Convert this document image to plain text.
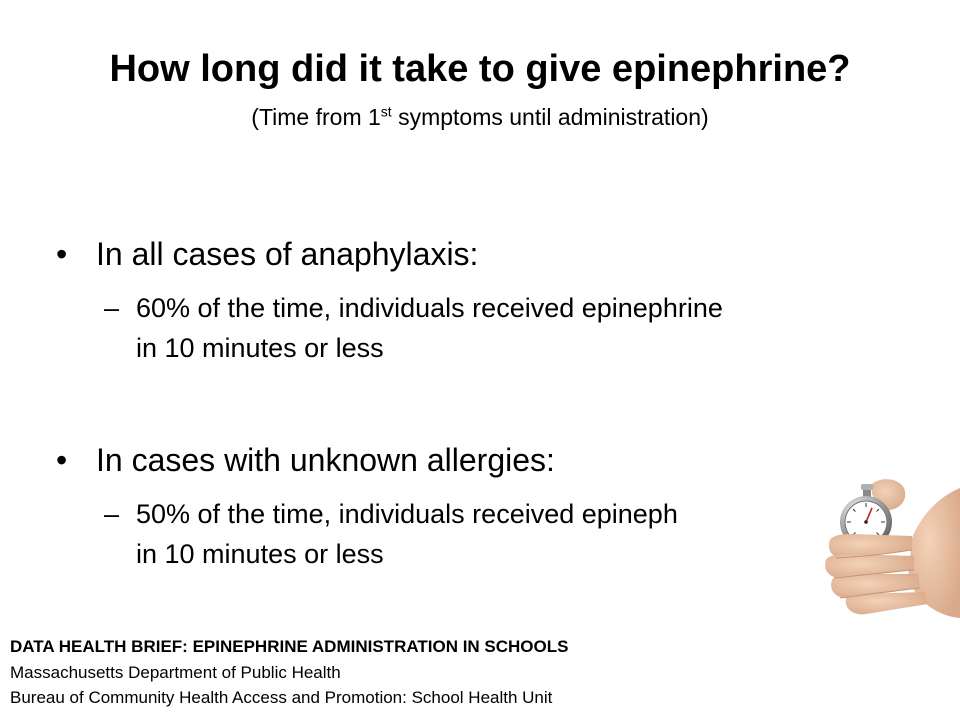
How long did it take to give epinephrine?
(Time from 1st symptoms until administration)
• In all cases of anaphylaxis:
– 60% of the time, individuals received epinephrine
in 10 minutes or less
• In cases with unknown allergies:
– 50% of the time, individuals received epineph
in 10 minutes or less
DATA HEALTH BRIEF: EPINEPHRINE ADMINISTRATION IN SCHOOLS
Massachusetts Department of Public Health
Bureau of Community Health Access and Promotion: School Health Unit
